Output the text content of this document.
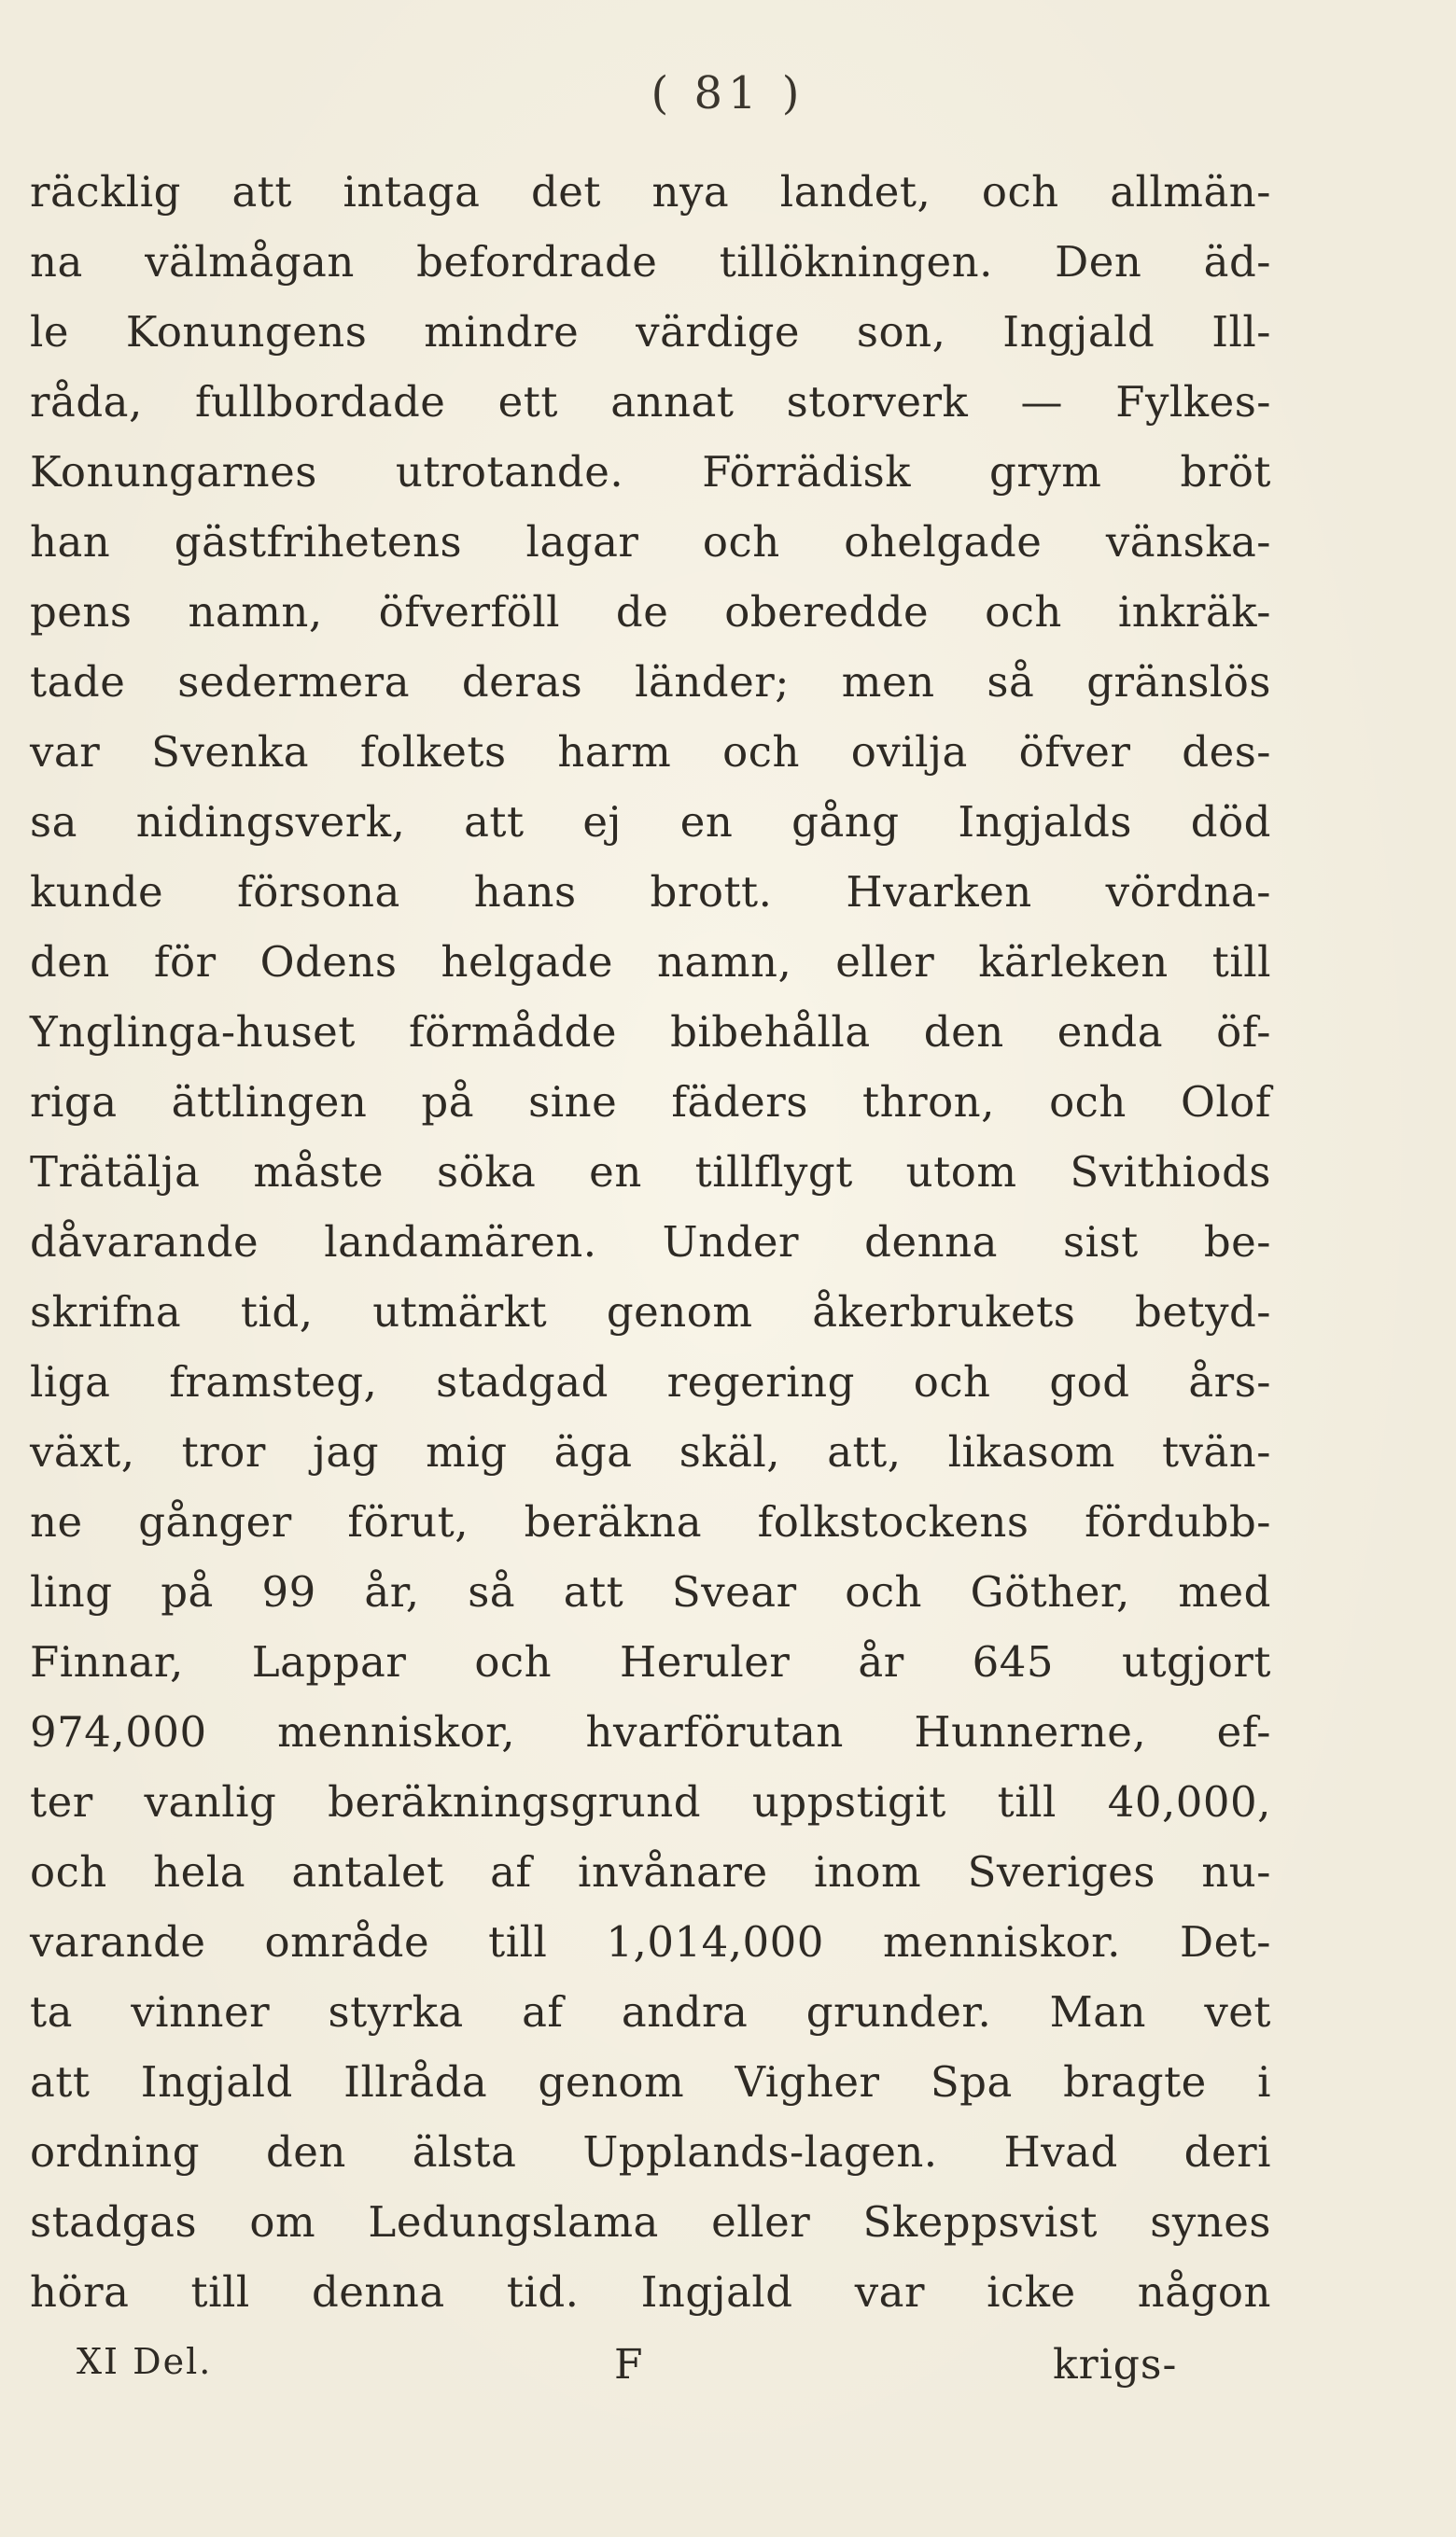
( 81 )
räcklig att intaga det nya landet, och allmän-
na välmågan befordrade tillökningen. Den äd-
le Konungens mindre värdige son, Ingjald Ill-
råda, fullbordade ett annat storverk — Fylkes-
Konungarnes utrotande. Förrädisk grym bröt
han gästfrihetens lagar och ohelgade vänska-
pens namn, öfverföll de oberedde och inkräk-
tade sedermera deras länder; men så gränslös
var Svenka folkets harm och ovilja öfver des-
sa nidingsverk, att ej en gång Ingjalds död
kunde försona hans brott. Hvarken vördna-
den för Odens helgade namn, eller kärleken till
Ynglinga-huset förmådde bibehålla den enda öf-
riga ättlingen på sine fäders thron, och Olof
Trätälja måste söka en tillflygt utom Svithiods
dåvarande landamären. Under denna sist be-
skrifna tid, utmärkt genom åkerbrukets betyd-
liga framsteg, stadgad regering och god års-
växt, tror jag mig äga skäl, att, likasom tvän-
ne gånger förut, beräkna folkstockens fördubb-
ling på 99 år, så att Svear och Göther, med
Finnar, Lappar och Heruler år 645 utgjort
974,000 menniskor, hvarförutan Hunnerne, ef-
ter vanlig beräkningsgrund uppstigit till 40,000,
och hela antalet af invånare inom Sveriges nu-
varande område till 1,014,000 menniskor. Det-
ta vinner styrka af andra grunder. Man vet
att Ingjald Illråda genom Vigher Spa bragte i
ordning den älsta Upplands-lagen. Hvad deri
stadgas om Ledungslama eller Skeppsvist synes
höra till denna tid. Ingjald var icke någon
XI Del.	F	krigs-
